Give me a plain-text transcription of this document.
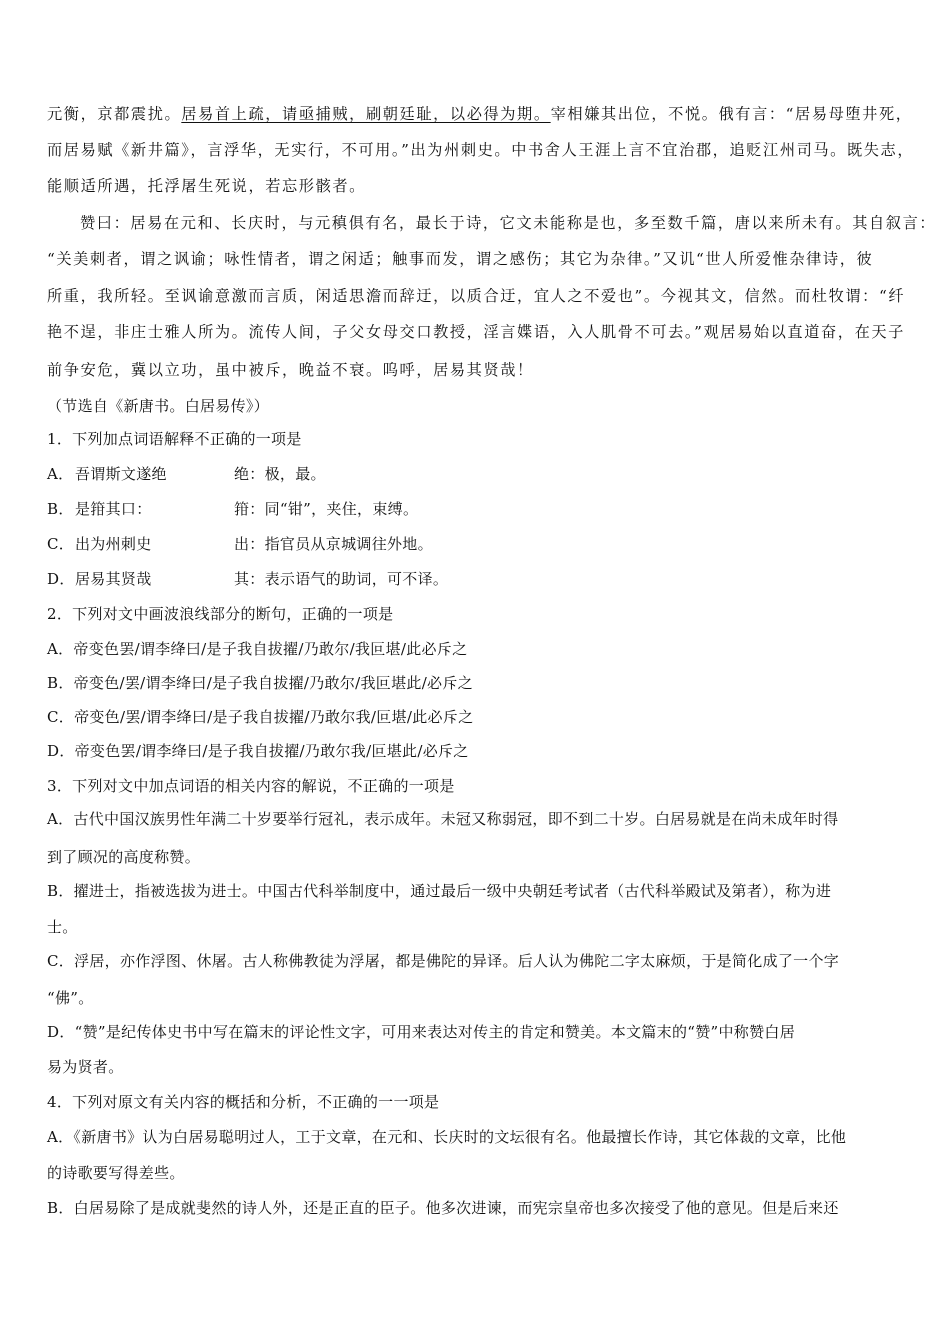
元衡，京都震扰。居易首上疏，请亟捕贼，刷朝廷耻，以必得为期。宰相嫌其出位，不悦。俄有言：“居易母堕井死，
而居易赋《新井篇》，言浮华，无实行，不可用。”出为州刺史。中书舍人王涯上言不宜治郡，追贬江州司马。既失志，
能顺适所遇，托浮屠生死说，若忘形骸者。
赞曰：居易在元和、长庆时，与元稹俱有名，最长于诗，它文未能称是也，多至数千篇，唐以来所未有。其自叙言：
“关美刺者，谓之讽谕；咏性情者，谓之闲适；触事而发，谓之感伤；其它为杂律。”又讥“世人所爱惟杂律诗，彼
所重，我所轻。至讽谕意激而言质，闲适思澹而辞迂，以质合迂，宜人之不爱也”。今视其文，信然。而杜牧谓：“纤
艳不逞，非庄士雅人所为。流传人间，子父女母交口教授，淫言媟语，入人肌骨不可去。”观居易始以直道奋，在天子
前争安危，冀以立功，虽中被斥，晚益不衰。呜呼，居易其贤哉！
（节选自《新唐书。白居易传》）
1．下列加点词语解释不正确的一项是
A． 吾谓斯文遂绝	绝：极，最。
B． 是箝其口：	箝：同“钳”，夹住，束缚。
C． 出为州刺史	出：指官员从京城调往外地。
D． 居易其贤哉	其：表示语气的助词，可不译。
2．下列对文中画波浪线部分的断句，正确的一项是
A．帝变色罢/谓李绛曰/是子我自拔擢/乃敢尔/我叵堪/此必斥之
B．帝变色/罢/谓李绛曰/是子我自拔擢/乃敢尔/我叵堪此/必斥之
C．帝变色/罢/谓李绛曰/是子我自拔擢/乃敢尔我/叵堪/此必斥之
D．帝变色罢/谓李绛曰/是子我自拔擢/乃敢尔我/叵堪此/必斥之
3．下列对文中加点词语的相关内容的解说，不正确的一项是
A．古代中国汉族男性年满二十岁要举行冠礼，表示成年。未冠又称弱冠，即不到二十岁。白居易就是在尚未成年时得
到了顾况的高度称赞。
B．擢进士，指被选拔为进士。中国古代科举制度中，通过最后一级中央朝廷考试者（古代科举殿试及第者），称为进
士。
C．浮居，亦作浮图、休屠。古人称佛教徒为浮屠，都是佛陀的异译。后人认为佛陀二字太麻烦，于是简化成了一个字
“佛”。
D．“赞”是纪传体史书中写在篇末的评论性文字，可用来表达对传主的肯定和赞美。本文篇末的“赞”中称赞白居
易为贤者。
4．下列对原文有关内容的概括和分析，不正确的一一项是
A．《新唐书》认为白居易聪明过人，工于文章，在元和、长庆时的文坛很有名。他最擅长作诗，其它体裁的文章，比他
的诗歌要写得差些。
B．白居易除了是成就斐然的诗人外，还是正直的臣子。他多次进谏，而宪宗皇帝也多次接受了他的意见。但是后来还
